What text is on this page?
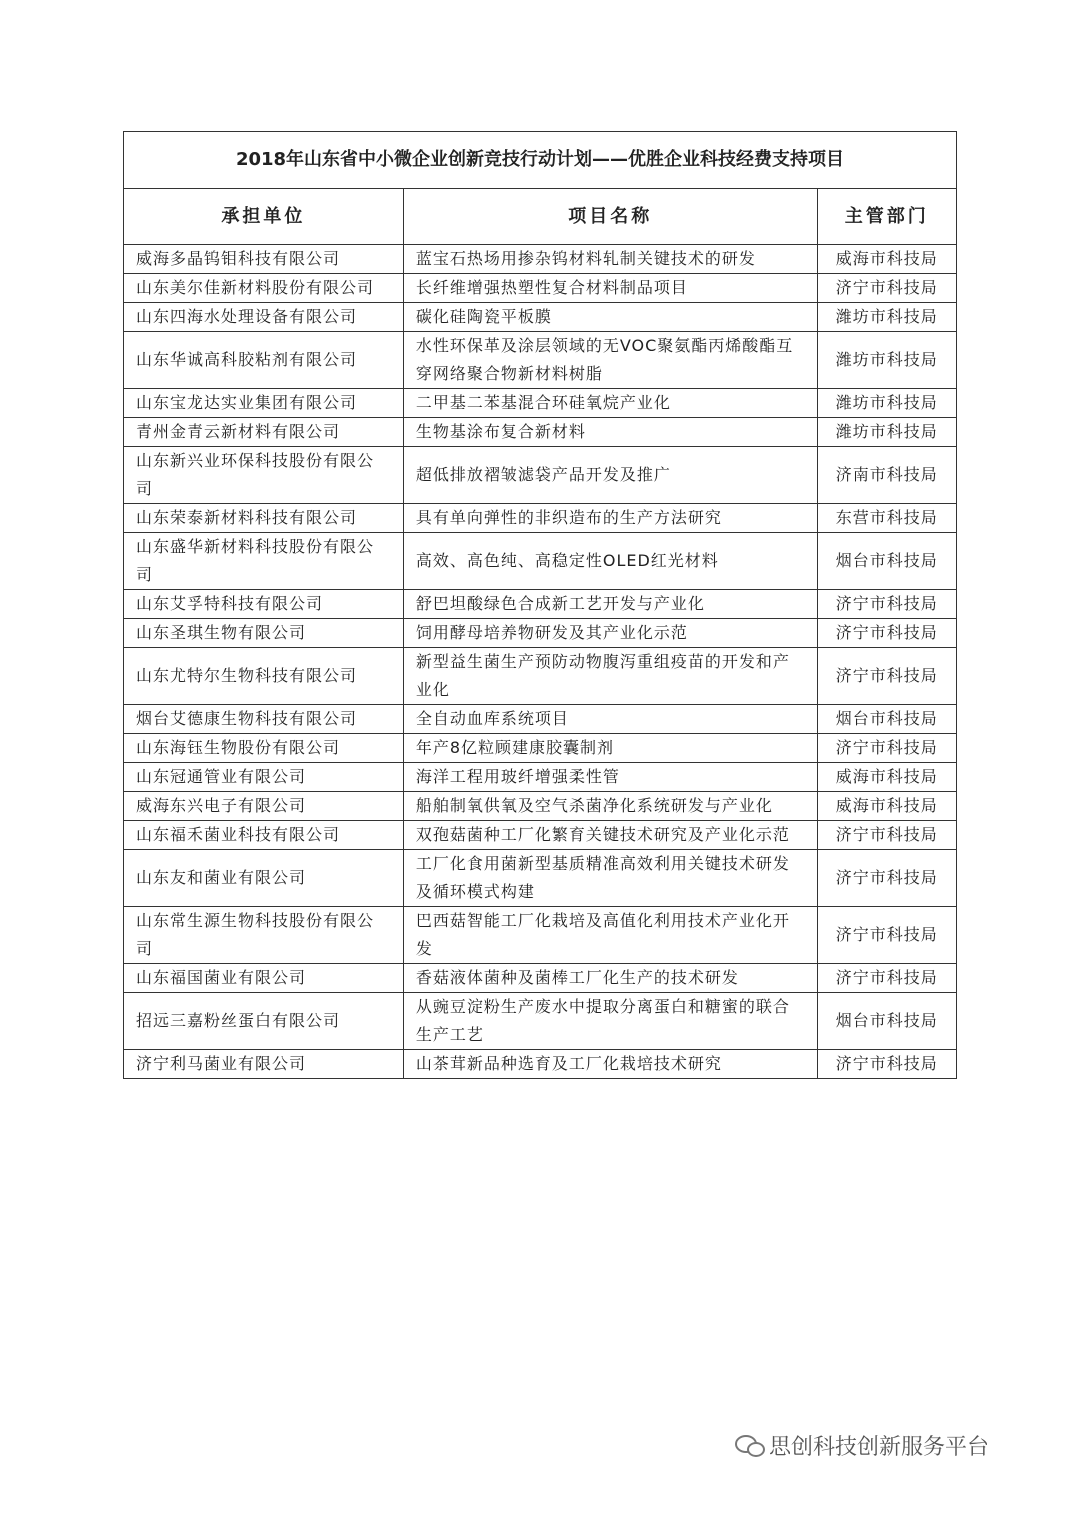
2018年山东省中小微企业创新竞技行动计划——优胜企业科技经费支持项目		
承担单位	项目名称	主管部门
威海多晶钨钼科技有限公司	蓝宝石热场用掺杂钨材料轧制关键技术的研发	威海市科技局
山东美尔佳新材料股份有限公司	长纤维增强热塑性复合材料制品项目	济宁市科技局
山东四海水处理设备有限公司	碳化硅陶瓷平板膜	潍坊市科技局
山东华诚高科胶粘剂有限公司	水性环保革及涂层领域的无VOC聚氨酯丙烯酸酯互穿网络聚合物新材料树脂	潍坊市科技局
山东宝龙达实业集团有限公司	二甲基二苯基混合环硅氧烷产业化	潍坊市科技局
青州金青云新材料有限公司	生物基涂布复合新材料	潍坊市科技局
山东新兴业环保科技股份有限公司	超低排放褶皱滤袋产品开发及推广	济南市科技局
山东荣泰新材料科技有限公司	具有单向弹性的非织造布的生产方法研究	东营市科技局
山东盛华新材料科技股份有限公司	高效、高色纯、高稳定性OLED红光材料	烟台市科技局
山东艾孚特科技有限公司	舒巴坦酸绿色合成新工艺开发与产业化	济宁市科技局
山东圣琪生物有限公司	饲用酵母培养物研发及其产业化示范	济宁市科技局
山东尤特尔生物科技有限公司	新型益生菌生产预防动物腹泻重组疫苗的开发和产业化	济宁市科技局
烟台艾德康生物科技有限公司	全自动血库系统项目	烟台市科技局
山东海钰生物股份有限公司	年产8亿粒顾建康胶囊制剂	济宁市科技局
山东冠通管业有限公司	海洋工程用玻纤增强柔性管	威海市科技局
威海东兴电子有限公司	船舶制氧供氧及空气杀菌净化系统研发与产业化	威海市科技局
山东福禾菌业科技有限公司	双孢菇菌种工厂化繁育关键技术研究及产业化示范	济宁市科技局
山东友和菌业有限公司	工厂化食用菌新型基质精准高效利用关键技术研发及循环模式构建	济宁市科技局
山东常生源生物科技股份有限公司	巴西菇智能工厂化栽培及高值化利用技术产业化开发	济宁市科技局
山东福国菌业有限公司	香菇液体菌种及菌棒工厂化生产的技术研发	济宁市科技局
招远三嘉粉丝蛋白有限公司	从豌豆淀粉生产废水中提取分离蛋白和糖蜜的联合生产工艺	烟台市科技局
济宁利马菌业有限公司	山茶茸新品种选育及工厂化栽培技术研究	济宁市科技局
思创科技创新服务平台
